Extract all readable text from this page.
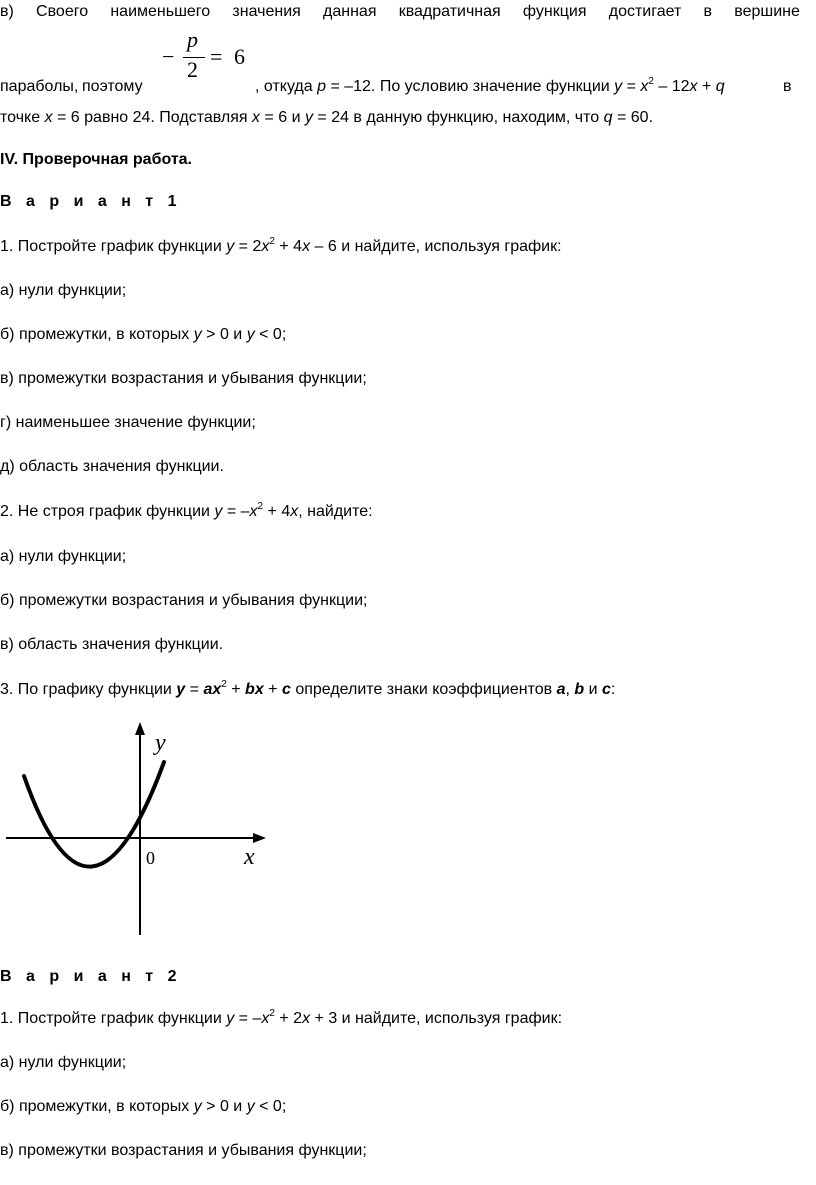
в) Своего наименьшего значения данная квадратичная функция достигает в вершине
−
p
2
= 6
параболы, поэтому	, откуда p = –12. По условию значение функции $y = x^2 - 12x + q$	в
точке x = 6 равно 24. Подставляя x = 6 и y = 24 в данную функцию, находим, что q = 60.
IV. Проверочная работа.
В а р и а н т 1
1. Постройте график функции $y = 2x^2 + 4x - 6$ и найдите, используя график:
а) нули функции;
б) промежутки, в которых y > 0 и y < 0;
в) промежутки возрастания и убывания функции;
г) наименьшее значение функции;
д) область значения функции.
2. Не строя график функции $y = -x^2 + 4x$, найдите:
а) нули функции;
б) промежутки возрастания и убывания функции;
в) область значения функции.
3. По графику функции $y = ax^2$ + bx + c определите знаки коэффициентов a, b и c:
y
x
0
В а р и а н т 2
1. Постройте график функции $y = -x^2 + 2x + 3$ и найдите, используя график:
а) нули функции;
б) промежутки, в которых y > 0 и y < 0;
в) промежутки возрастания и убывания функции;
